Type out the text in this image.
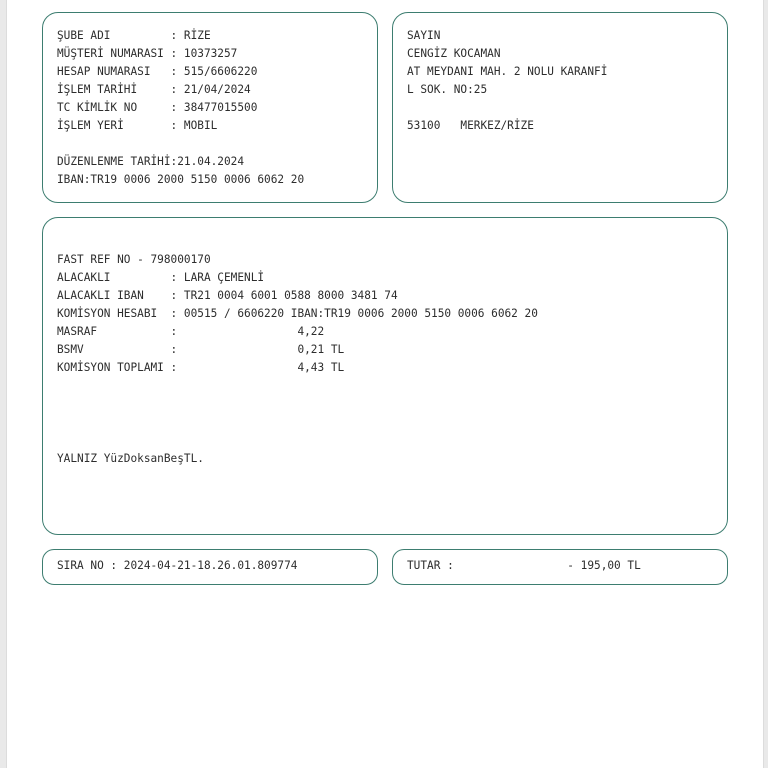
ŞUBE ADI         : RİZE
MÜŞTERİ NUMARASI : 10373257
HESAP NUMARASI   : 515/6606220
İŞLEM TARİHİ     : 21/04/2024
TC KİMLİK NO     : 38477015500
İŞLEM YERİ       : MOBIL
DÜZENLENME TARİHİ:21.04.2024
IBAN:TR19 0006 2000 5150 0006 6062 20
SAYIN
CENGİZ KOCAMAN
AT MEYDANI MAH. 2 NOLU KARANFİ
L SOK. NO:25
53100   MERKEZ/RİZE
FAST REF NO - 798000170
ALACAKLI         : LARA ÇEMENLİ
ALACAKLI IBAN    : TR21 0004 6001 0588 8000 3481 74
KOMİSYON HESABI  : 00515 / 6606220 IBAN:TR19 0006 2000 5150 0006 6062 20
MASRAF           :                  4,22
BSMV             :                  0,21 TL
KOMİSYON TOPLAMI :                  4,43 TL
YALNIZ YüzDoksanBeşTL.
SIRA NO : 2024-04-21-18.26.01.809774	TUTAR :                 - 195,00 TL
